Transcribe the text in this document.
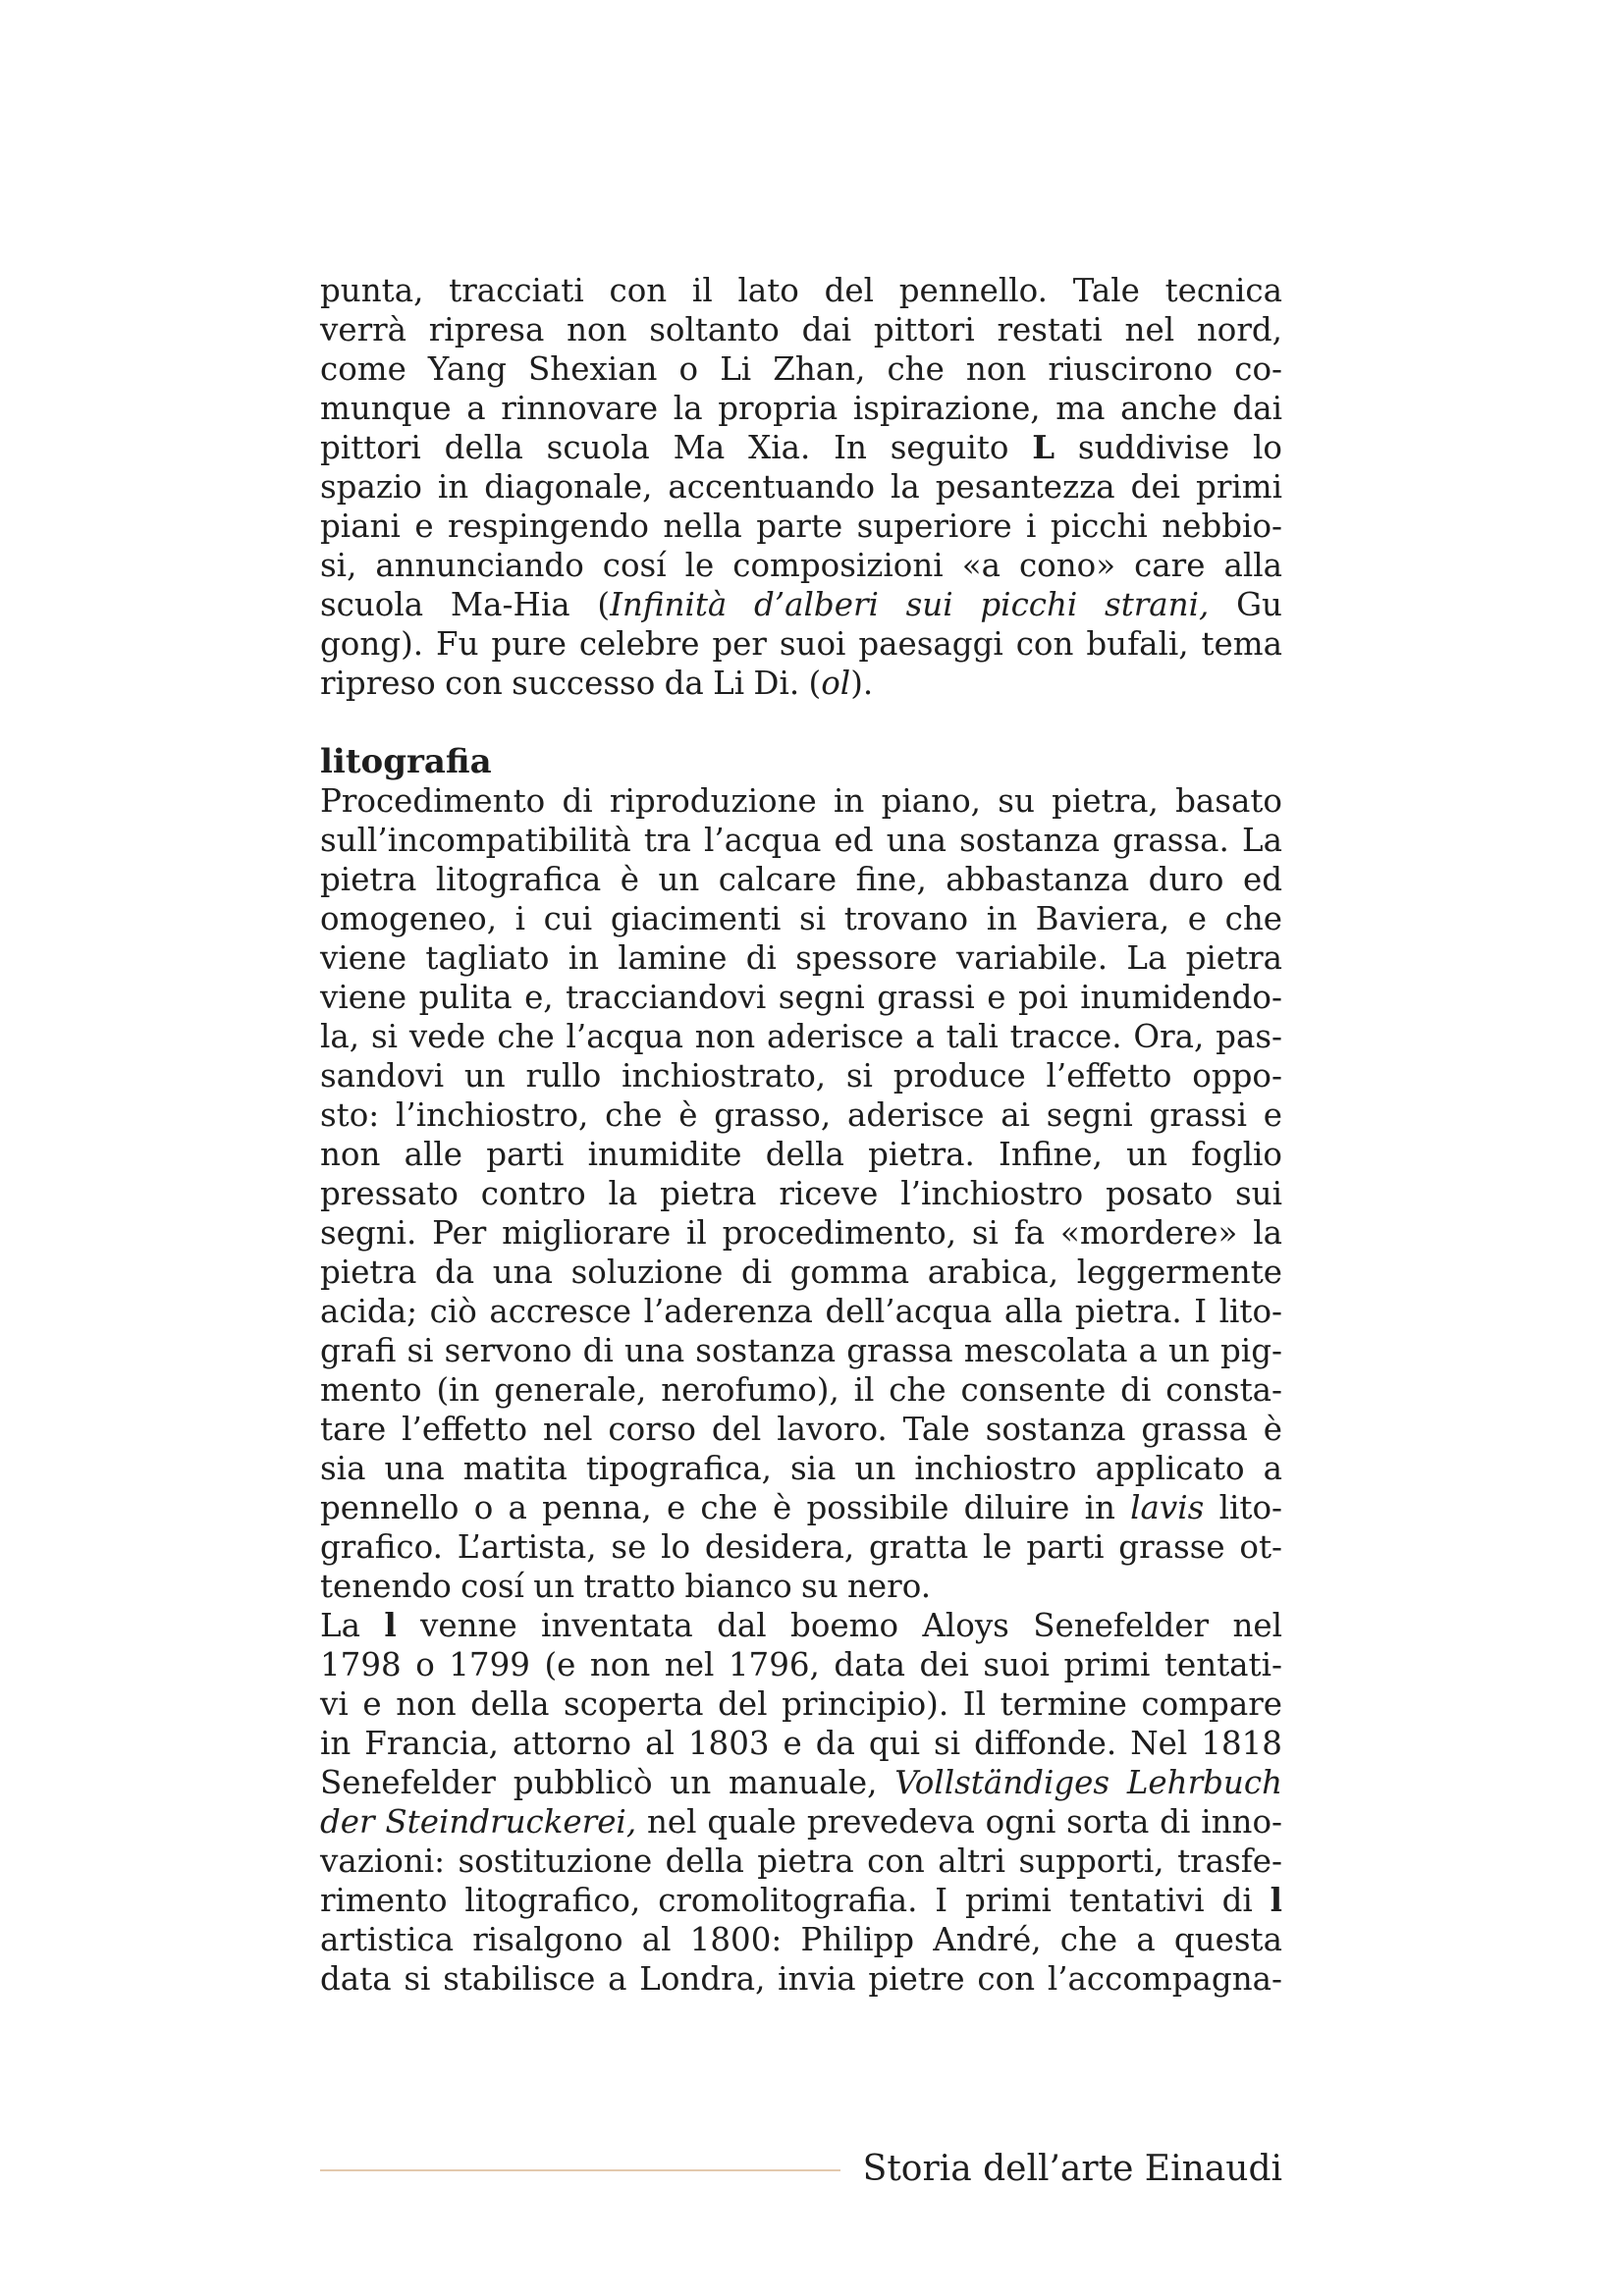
punta, tracciati con il lato del pennello. Tale tecnica
verrà ripresa non soltanto dai pittori restati nel nord,
come Yang Shexian o Li Zhan, che non riuscirono co-
munque a rinnovare la propria ispirazione, ma anche dai
pittori della scuola Ma Xia. In seguito L suddivise lo
spazio in diagonale, accentuando la pesantezza dei primi
piani e respingendo nella parte superiore i picchi nebbio-
si, annunciando cosí le composizioni «a cono» care alla
scuola Ma-Hia (Infinità d’alberi sui picchi strani, Gu
gong). Fu pure celebre per suoi paesaggi con bufali, tema
ripreso con successo da Li Di. (ol).
litografia
Procedimento di riproduzione in piano, su pietra, basato
sull’incompatibilità tra l’acqua ed una sostanza grassa. La
pietra litografica è un calcare fine, abbastanza duro ed
omogeneo, i cui giacimenti si trovano in Baviera, e che
viene tagliato in lamine di spessore variabile. La pietra
viene pulita e, tracciandovi segni grassi e poi inumidendo-
la, si vede che l’acqua non aderisce a tali tracce. Ora, pas-
sandovi un rullo inchiostrato, si produce l’effetto oppo-
sto: l’inchiostro, che è grasso, aderisce ai segni grassi e
non alle parti inumidite della pietra. Infine, un foglio
pressato contro la pietra riceve l’inchiostro posato sui
segni. Per migliorare il procedimento, si fa «mordere» la
pietra da una soluzione di gomma arabica, leggermente
acida; ciò accresce l’aderenza dell’acqua alla pietra. I lito-
grafi si servono di una sostanza grassa mescolata a un pig-
mento (in generale, nerofumo), il che consente di consta-
tare l’effetto nel corso del lavoro. Tale sostanza grassa è
sia una matita tipografica, sia un inchiostro applicato a
pennello o a penna, e che è possibile diluire in lavis lito-
grafico. L’artista, se lo desidera, gratta le parti grasse ot-
tenendo cosí un tratto bianco su nero.
La l venne inventata dal boemo Aloys Senefelder nel
1798 o 1799 (e non nel 1796, data dei suoi primi tentati-
vi e non della scoperta del principio). Il termine compare
in Francia, attorno al 1803 e da qui si diffonde. Nel 1818
Senefelder pubblicò un manuale, Vollständiges Lehrbuch
der Steindruckerei, nel quale prevedeva ogni sorta di inno-
vazioni: sostituzione della pietra con altri supporti, trasfe-
rimento litografico, cromolitografia. I primi tentativi di l
artistica risalgono al 1800: Philipp André, che a questa
data si stabilisce a Londra, invia pietre con l’accompagna-
Storia dell’arte Einaudi
